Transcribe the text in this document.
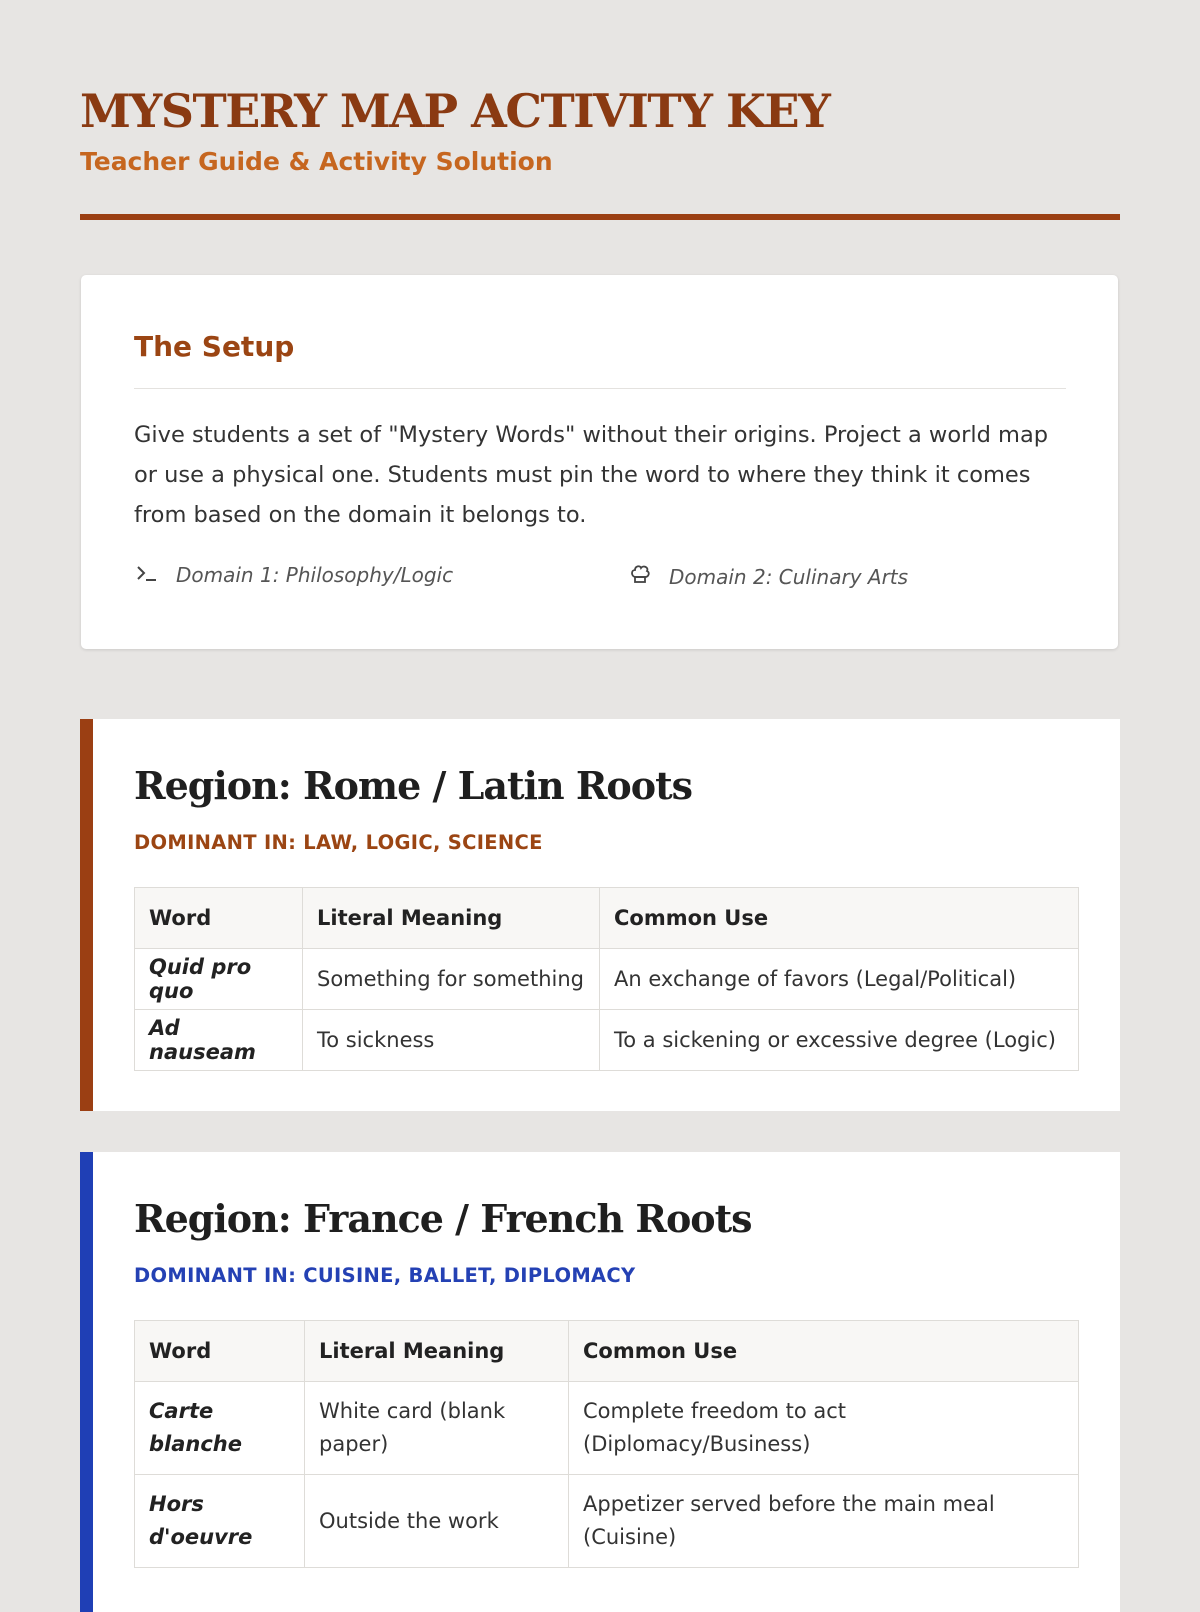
MYSTERY MAP ACTIVITY KEY
Teacher Guide & Activity Solution
The Setup
Give students a set of "Mystery Words" without their origins. Project a world map or use a physical one. Students must pin the word to where they think it comes from based on the domain it belongs to.
Domain 1: Philosophy/Logic	Domain 2: Culinary Arts
Region: Rome / Latin Roots
DOMINANT IN: LAW, LOGIC, SCIENCE
Word	Literal Meaning	Common Use
Quid pro quo	Something for something	An exchange of favors (Legal/Political)
Ad nauseam	To sickness	To a sickening or excessive degree (Logic)
Region: France / French Roots
DOMINANT IN: CUISINE, BALLET, DIPLOMACY
Word	Literal Meaning	Common Use
Carte blanche	White card (blank paper)	Complete freedom to act (Diplomacy/Business)
Hors d'oeuvre	Outside the work	Appetizer served before the main meal (Cuisine)
